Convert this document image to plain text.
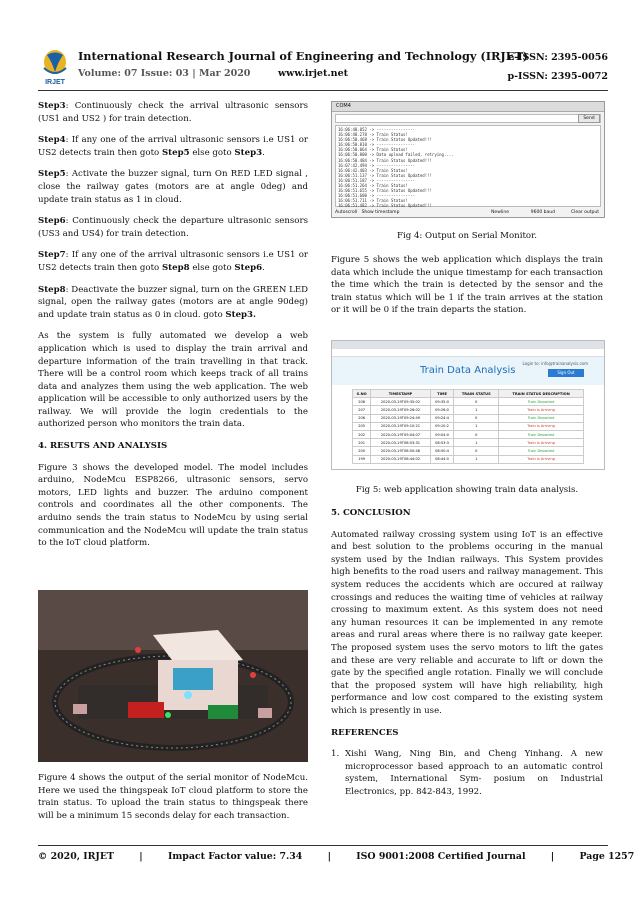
IRJET
International Research Journal of Engineering and Technology (IRJET)
Volume: 07 Issue: 03 | Mar 2020	www.irjet.net
e-ISSN: 2395-0056
p-ISSN: 2395-0072

Step3: Continuously check the arrival ultrasonic sensors (US1 and US2 ) for train detection.

Step4: If any one of the arrival ultrasonic sensors i.e US1 or US2 detects train then goto Step5 else goto Step3.

Step5: Activate the buzzer signal, turn On RED LED signal , close the railway gates (motors are at angle 0deg) and update train status as 1 in cloud.

Step6: Continuously check the departure ultrasonic sensors (US3 and US4) for train detection.

Step7: If any one of the arrival ultrasonic sensors i.e US1 or US2 detects train then goto Step8 else goto Step6.

Step8: Deactivate the buzzer signal, turn on the GREEN LED signal, open the railway gates (motors are at angle 90deg) and update train status as 0 in cloud. goto Step3.

As the system is fully automated we develop a web application which is used to display the train arrival and departure information of the train travelling in that track. There will be a control room which keeps track of all trains data and analyzes them using the web application. The web application will be accessible to only authorized users by the railway. We will provide the login credentials to the authorized person who monitors the train data.

4. RESUTS AND ANALYSIS

Figure 3 shows the developed model. The model includes arduino, NodeMcu ESP8266, ultrasonic sensors, servo motors, LED lights and buzzer. The arduino component controls and coordinates all the other components. The arduino sends the train status to NodeMcu by using serial communication and the NodeMcu will update the train status to the IoT cloud platform.

Figure 4 shows the output of the serial monitor of NodeMcu. Here we used the thingspeak IoT cloud platform to store the train status. To upload the train status to thingspeak there will be a minimum 15 seconds delay for each transaction.

COM4
Send
16:06:48.052 -> ----------------
16:06:48.278 -> Train Status!
16:06:50.468 -> Train Status Updated!!!
16:06:50.810 -> ----------------
16:06:50.064 -> Train Status!
16:06:50.800 -> Data upload failed, retrying....
16:06:50.484 -> Train Status Updated!!!
16:07:42.494 -> ----------------
16:06:42.403 -> Train Status!
16:06:51.137 -> Train Status Updated!!!
16:06:51.187 -> ----------------
16:06:51.264 -> Train Status!
16:06:51.655 -> Train Status Updated!!!
16:06:51.600 -> ----------------
16:06:51.711 -> Train Status!
16:06:51.482 -> Train Status Updated!!!
Autoscroll Show timestamp	Newline	9600 baud	Clear output
Fig 4: Output on Serial Monitor.

Figure 5 shows the web application which displays the train data which include the unique timestamp for each transaction the time which the train is detected by the sensor and the train status which will be 1 if the train arrives at the station or it will be 0 if the train departs the station.

Train Data Analysis
Login to: info@trainanalysis.com
Sign Out
S.NO	TIMESTAMP	TIME	TRAIN STATUS	TRAIN STATUS DESCRIPTION
208	2020-03-19T09:35:02	09:35:0	0	Train Departed
207	2020-03-19T09:26:02	09:26:0	1	Train is Arriving
206	2020-03-19T09:24:49	09:24:4	0	Train Departed
205	2020-03-19T09:10:21	09:10:2	1	Train is Arriving
202	2020-03-19T09:04:07	09:04:0	0	Train Departed
201	2020-03-19T08:53:31	08:53:3	1	Train is Arriving
200	2020-03-19T08:50:48	08:50:4	0	Train Departed
199	2020-03-19T08:44:02	08:44:0	1	Train is Arriving
Fig 5: web application showing train data analysis.
5. CONCLUSION

Automated railway crossing system using IoT is an effective and best solution to the problems occuring in the manual system used by the Indian railways. This System provides high benefits to the road users and railway management. This system reduces the accidents which are occured at railway crossings and reduces the waiting time of vehicles at railway crossing to maximum extent. As this system does not need any human resources it can be implemented in any remote areas and rural areas where there is no railway gate keeper. The proposed system uses the servo motors to lift the gates and these are very reliable and accurate to lift or down the gate by the specified angle rotation. Finally we will conclude that the proposed system will have high reliability, high performance and low cost compared to the existing system which is presently in use.

REFERENCES
1. Xishi Wang, Ning Bin, and Cheng Yinhang. A new microprocessor based approach to an automatic control system, International Sym- posium on Industrial Electronics, pp. 842-843, 1992.
© 2020, IRJET	|	Impact Factor value: 7.34	|	ISO 9001:2008 Certified Journal	|	Page 1257
